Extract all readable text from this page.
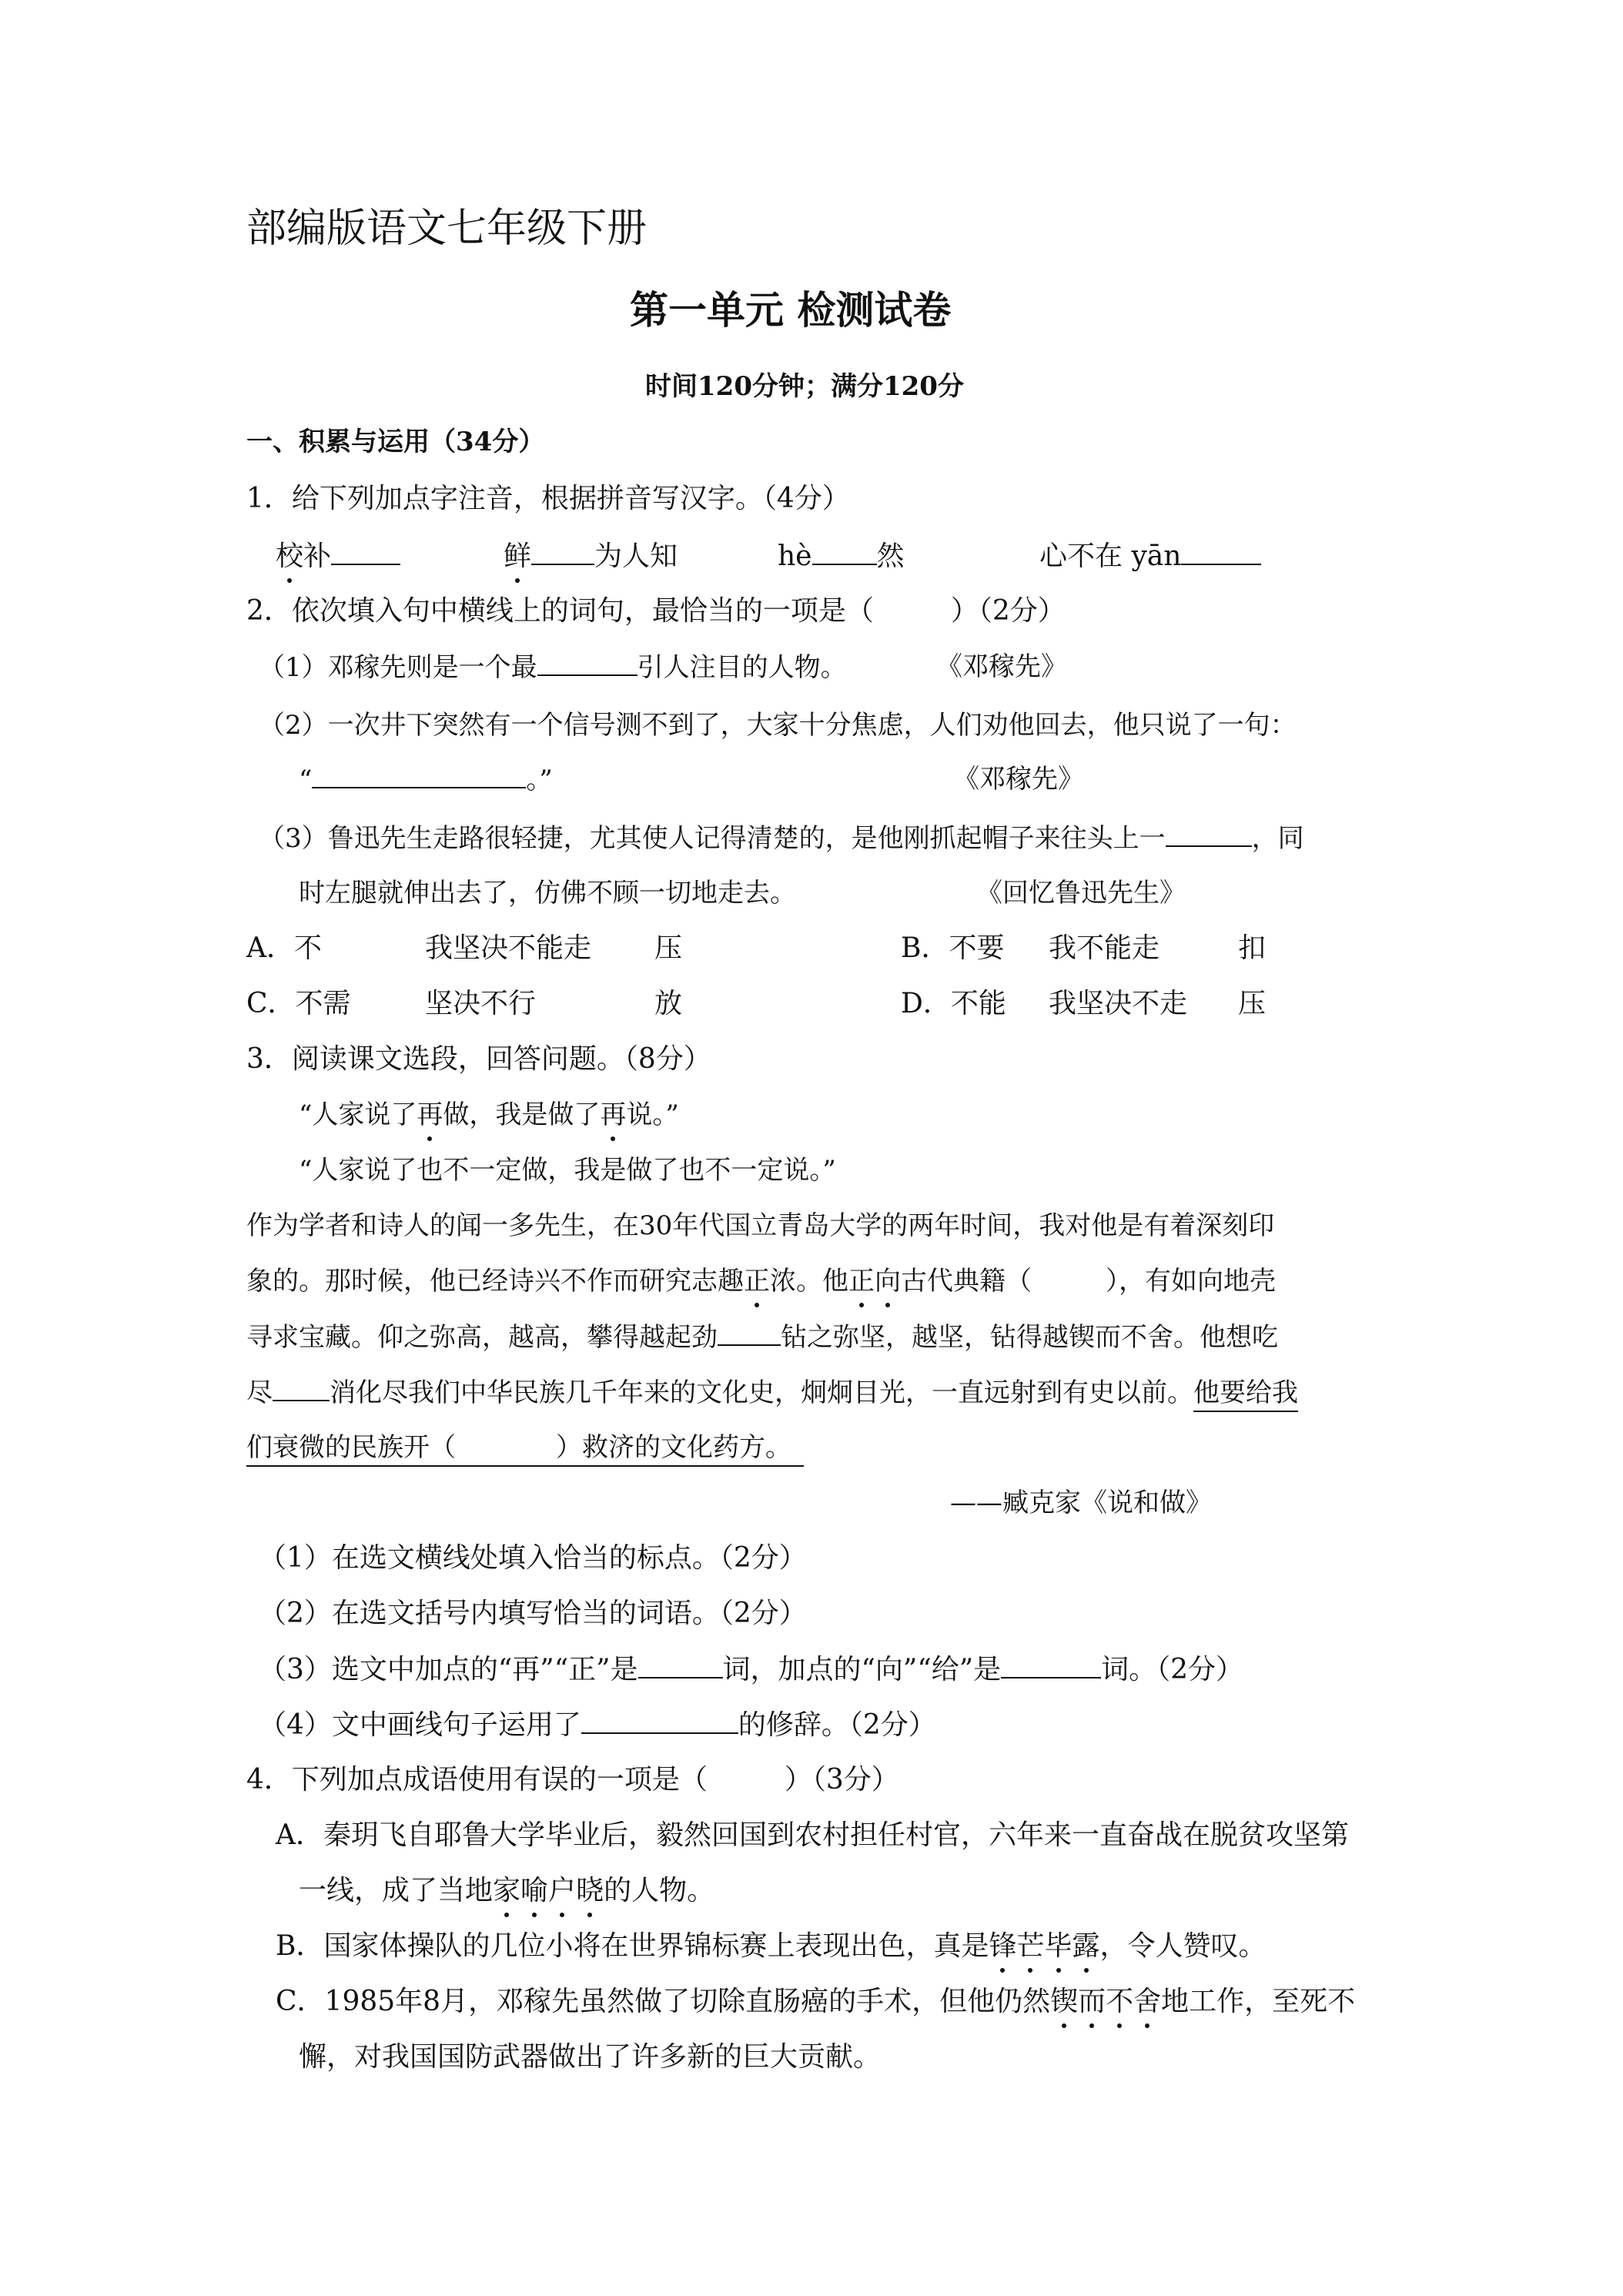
部编版语文七年级下册
第一单元 检测试卷
时间120分钟；满分120分
一、积累与运用（34分）
1．给下列加点字注音，根据拼音写汉字。（4分）
校补	鲜 为人知	hè 然	心不在 yān
2．依次填入句中横线上的词句，最恰当的一项是（	）（2分）
（1）邓稼先则是一个最	引人注目的人物。	《邓稼先》
（2）一次井下突然有一个信号测不到了，大家十分焦虑，人们劝他回去，他只说了一句：
“	。”	《邓稼先》
（3）鲁迅先生走路很轻捷，尤其使人记得清楚的，是他刚抓起帽子来往头上一	，同
时左腿就伸出去了，仿佛不顾一切地走去。	《回忆鲁迅先生》
A．不	我坚决不能走 压	B．不要 我不能走	扣
C．不需	坚决不行	放	D．不能 我坚决不走 压
3．阅读课文选段，回答问题。（8分）
“人家说了再做，我是做了再说。”
“人家说了也不一定做，我是做了也不一定说。”
作为学者和诗人的闻一多先生，在30年代国立青岛大学的两年时间，我对他是有着深刻印
象的。那时候，他已经诗兴不作而研究志趣正浓。他正向古代典籍（	），有如向地壳
寻求宝藏。仰之弥高，越高，攀得越起劲 钻之弥坚，越坚，钻得越锲而不舍。他想吃
尽 消化尽我们中华民族几千年来的文化史，炯炯目光，一直远射到有史以前。他要给我
们衰微的民族开（	）救济的文化药方。
——臧克家《说和做》
（1）在选文横线处填入恰当的标点。（2分）
（2）在选文括号内填写恰当的词语。（2分）
（3）选文中加点的“再”“正”是	词，加点的“向”“给”是	词。（2分）
（4）文中画线句子运用了	的修辞。（2分）
4．下列加点成语使用有误的一项是（	）（3分）
A．秦玥飞自耶鲁大学毕业后，毅然回国到农村担任村官，六年来一直奋战在脱贫攻坚第
一线，成了当地家喻户晓的人物。
B．国家体操队的几位小将在世界锦标赛上表现出色，真是锋芒毕露，令人赞叹。
C．1985年8月，邓稼先虽然做了切除直肠癌的手术，但他仍然锲而不舍地工作，至死不
懈，对我国国防武器做出了许多新的巨大贡献。
